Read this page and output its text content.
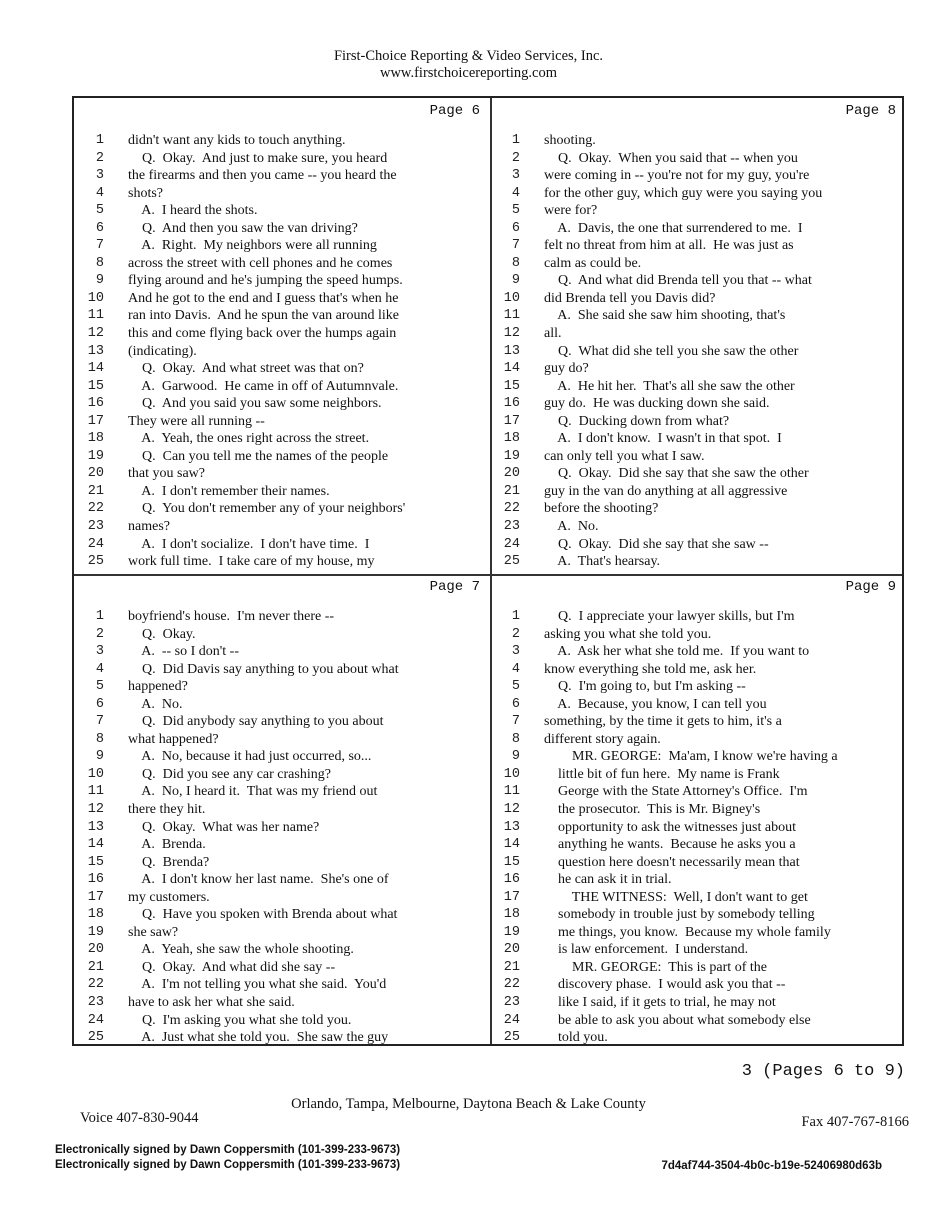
First-Choice Reporting & Video Services, Inc.
www.firstchoicereporting.com
Page 6
1 didn't want any kids to touch anything.
2 Q.  Okay.  And just to make sure, you heard
3 the firearms and then you came -- you heard the
4 shots?
5 A.  I heard the shots.
6 Q.  And then you saw the van driving?
7 A.  Right.  My neighbors were all running
8 across the street with cell phones and he comes
9 flying around and he's jumping the speed humps.
10 And he got to the end and I guess that's when he
11 ran into Davis.  And he spun the van around like
12 this and come flying back over the humps again
13 (indicating).
14 Q.  Okay.  And what street was that on?
15 A.  Garwood.  He came in off of Autumnvale.
16 Q.  And you said you saw some neighbors.
17 They were all running --
18 A.  Yeah, the ones right across the street.
19 Q.  Can you tell me the names of the people
20 that you saw?
21 A.  I don't remember their names.
22 Q.  You don't remember any of your neighbors'
23 names?
24 A.  I don't socialize.  I don't have time.  I
25 work full time.  I take care of my house, my
Page 8
1 shooting.
2 Q.  Okay.  When you said that -- when you
3 were coming in -- you're not for my guy, you're
4 for the other guy, which guy were you saying you
5 were for?
6 A.  Davis, the one that surrendered to me.  I
7 felt no threat from him at all.  He was just as
8 calm as could be.
9 Q.  And what did Brenda tell you that -- what
10 did Brenda tell you Davis did?
11 A.  She said she saw him shooting, that's
12 all.
13 Q.  What did she tell you she saw the other
14 guy do?
15 A.  He hit her.  That's all she saw the other
16 guy do.  He was ducking down she said.
17 Q.  Ducking down from what?
18 A.  I don't know.  I wasn't in that spot.  I
19 can only tell you what I saw.
20 Q.  Okay.  Did she say that she saw the other
21 guy in the van do anything at all aggressive
22 before the shooting?
23 A.  No.
24 Q.  Okay.  Did she say that she saw --
25 A.  That's hearsay.
Page 7
1 boyfriend's house.  I'm never there --
2 Q.  Okay.
3 A.  -- so I don't --
4 Q.  Did Davis say anything to you about what
5 happened?
6 A.  No.
7 Q.  Did anybody say anything to you about
8 what happened?
9 A.  No, because it had just occurred, so...
10 Q.  Did you see any car crashing?
11 A.  No, I heard it.  That was my friend out
12 there they hit.
13 Q.  Okay.  What was her name?
14 A.  Brenda.
15 Q.  Brenda?
16 A.  I don't know her last name.  She's one of
17 my customers.
18 Q.  Have you spoken with Brenda about what
19 she saw?
20 A.  Yeah, she saw the whole shooting.
21 Q.  Okay.  And what did she say --
22 A.  I'm not telling you what she said.  You'd
23 have to ask her what she said.
24 Q.  I'm asking you what she told you.
25 A.  Just what she told you.  She saw the guy
Page 9
1 Q.  I appreciate your lawyer skills, but I'm
2 asking you what she told you.
3 A.  Ask her what she told me.  If you want to
4 know everything she told me, ask her.
5 Q.  I'm going to, but I'm asking --
6 A.  Because, you know, I can tell you
7 something, by the time it gets to him, it's a
8 different story again.
9 MR. GEORGE:  Ma'am, I know we're having a
10 little bit of fun here.  My name is Frank
11 George with the State Attorney's Office.  I'm
12 the prosecutor.  This is Mr. Bigney's
13 opportunity to ask the witnesses just about
14 anything he wants.  Because he asks you a
15 question here doesn't necessarily mean that
16 he can ask it in trial.
17 THE WITNESS:  Well, I don't want to get
18 somebody in trouble just by somebody telling
19 me things, you know.  Because my whole family
20 is law enforcement.  I understand.
21 MR. GEORGE:  This is part of the
22 discovery phase.  I would ask you that --
23 like I said, if it gets to trial, he may not
24 be able to ask you about what somebody else
25 told you.
3 (Pages 6 to 9)
Orlando, Tampa, Melbourne, Daytona Beach & Lake County
Voice 407-830-9044	Fax 407-767-8166
Electronically signed by Dawn Coppersmith (101-399-233-9673)
Electronically signed by Dawn Coppersmith (101-399-233-9673)	7d4af744-3504-4b0c-b19e-52406980d63b
